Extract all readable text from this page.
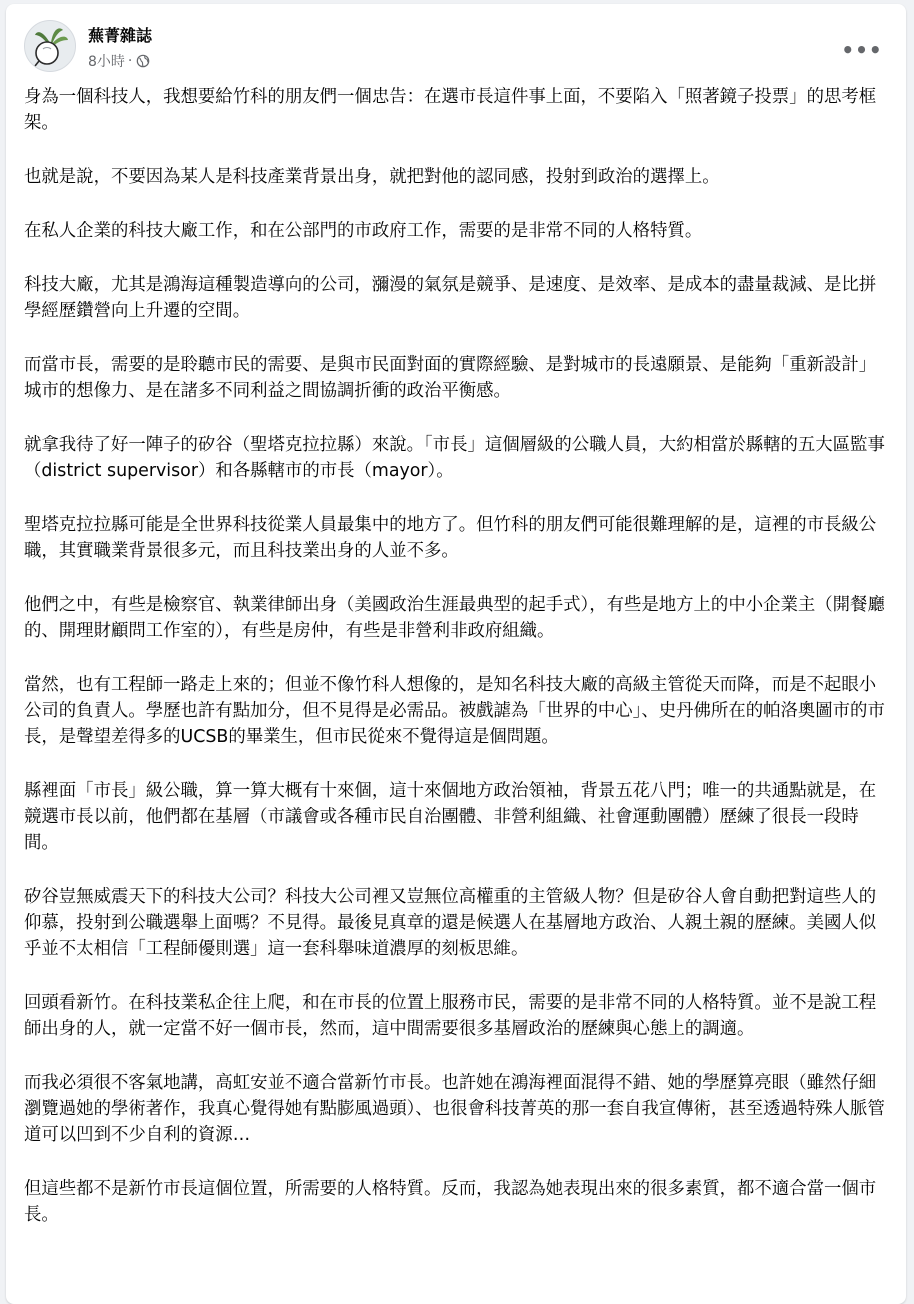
蕪菁雜誌
8小時 ·	•••

身為一個科技人，我想要給竹科的朋友們一個忠告：在選市長這件事上面，不要陷入「照著鏡子投票」的思考框架。

也就是說，不要因為某人是科技產業背景出身，就把對他的認同感，投射到政治的選擇上。

在私人企業的科技大廠工作，和在公部門的市政府工作，需要的是非常不同的人格特質。

科技大廠，尤其是鴻海這種製造導向的公司，瀰漫的氣氛是競爭、是速度、是效率、是成本的盡量裁減、是比拼學經歷鑽營向上升遷的空間。

而當市長，需要的是聆聽市民的需要、是與市民面對面的實際經驗、是對城市的長遠願景、是能夠「重新設計」城市的想像力、是在諸多不同利益之間協調折衝的政治平衡感。

就拿我待了好一陣子的矽谷（聖塔克拉拉縣）來說。「市長」這個層級的公職人員，大約相當於縣轄的五大區監事（district supervisor）和各縣轄市的市長（mayor）。

聖塔克拉拉縣可能是全世界科技從業人員最集中的地方了。但竹科的朋友們可能很難理解的是，這裡的市長級公職，其實職業背景很多元，而且科技業出身的人並不多。

他們之中，有些是檢察官、執業律師出身（美國政治生涯最典型的起手式），有些是地方上的中小企業主（開餐廳的、開理財顧問工作室的），有些是房仲，有些是非營利非政府組織。

當然，也有工程師一路走上來的；但並不像竹科人想像的，是知名科技大廠的高級主管從天而降，而是不起眼小公司的負責人。學歷也許有點加分，但不見得是必需品。被戲謔為「世界的中心」、史丹佛所在的帕洛奧圖市的市長，是聲望差得多的UCSB的畢業生，但市民從來不覺得這是個問題。

縣裡面「市長」級公職，算一算大概有十來個，這十來個地方政治領袖，背景五花八門；唯一的共通點就是，在競選市長以前，他們都在基層（市議會或各種市民自治團體、非營利組織、社會運動團體）歷練了很長一段時間。

矽谷豈無威震天下的科技大公司？科技大公司裡又豈無位高權重的主管級人物？但是矽谷人會自動把對這些人的仰慕，投射到公職選舉上面嗎？不見得。最後見真章的還是候選人在基層地方政治、人親土親的歷練。美國人似乎並不太相信「工程師優則選」這一套科舉味道濃厚的刻板思維。

回頭看新竹。在科技業私企往上爬，和在市長的位置上服務市民，需要的是非常不同的人格特質。並不是說工程師出身的人，就一定當不好一個市長，然而，這中間需要很多基層政治的歷練與心態上的調適。

而我必須很不客氣地講，高虹安並不適合當新竹市長。也許她在鴻海裡面混得不錯、她的學歷算亮眼（雖然仔細瀏覽過她的學術著作，我真心覺得她有點膨風過頭）、也很會科技菁英的那一套自我宣傳術，甚至透過特殊人脈管道可以凹到不少自利的資源…

但這些都不是新竹市長這個位置，所需要的人格特質。反而，我認為她表現出來的很多素質，都不適合當一個市長。
